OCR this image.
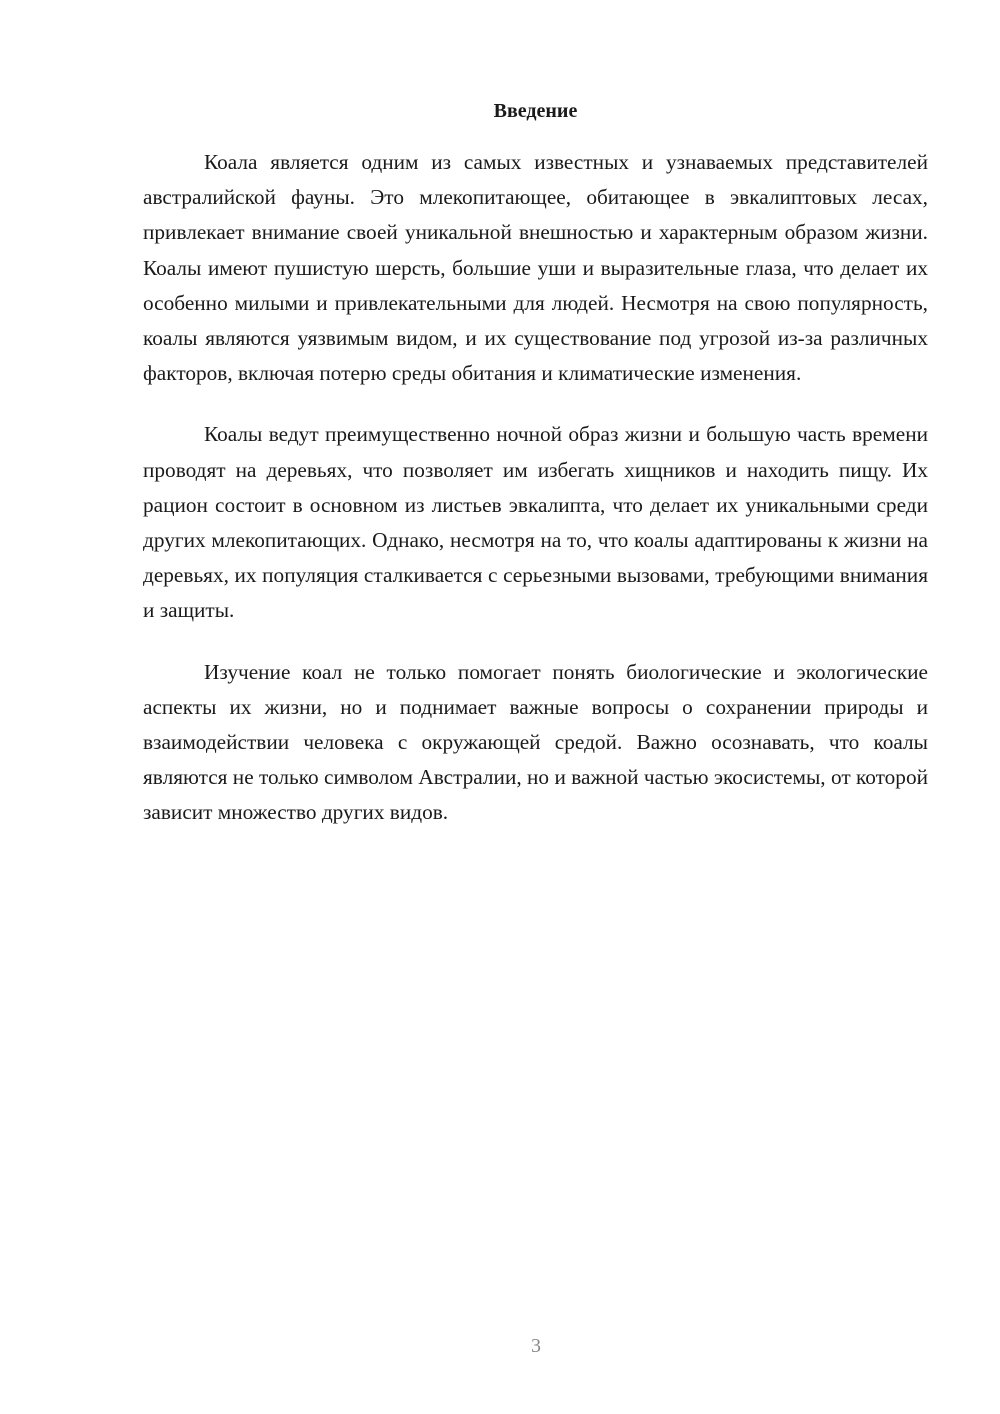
Введение

Коала является одним из самых известных и узнаваемых представителей австралийской фауны. Это млекопитающее, обитающее в эвкалиптовых лесах, привлекает внимание своей уникальной внешностью и характерным образом жизни. Коалы имеют пушистую шерсть, большие уши и выразительные глаза, что делает их особенно милыми и привлекательными для людей. Несмотря на свою популярность, коалы являются уязвимым видом, и их существование под угрозой из-за различных факторов, включая потерю среды обитания и климатические изменения.

Коалы ведут преимущественно ночной образ жизни и большую часть времени проводят на деревьях, что позволяет им избегать хищников и находить пищу. Их рацион состоит в основном из листьев эвкалипта, что делает их уникальными среди других млекопитающих. Однако, несмотря на то, что коалы адаптированы к жизни на деревьях, их популяция сталкивается с серьезными вызовами, требующими внимания и защиты.

Изучение коал не только помогает понять биологические и экологические аспекты их жизни, но и поднимает важные вопросы о сохранении природы и взаимодействии человека с окружающей средой. Важно осознавать, что коалы являются не только символом Австралии, но и важной частью экосистемы, от которой зависит множество других видов.

3
